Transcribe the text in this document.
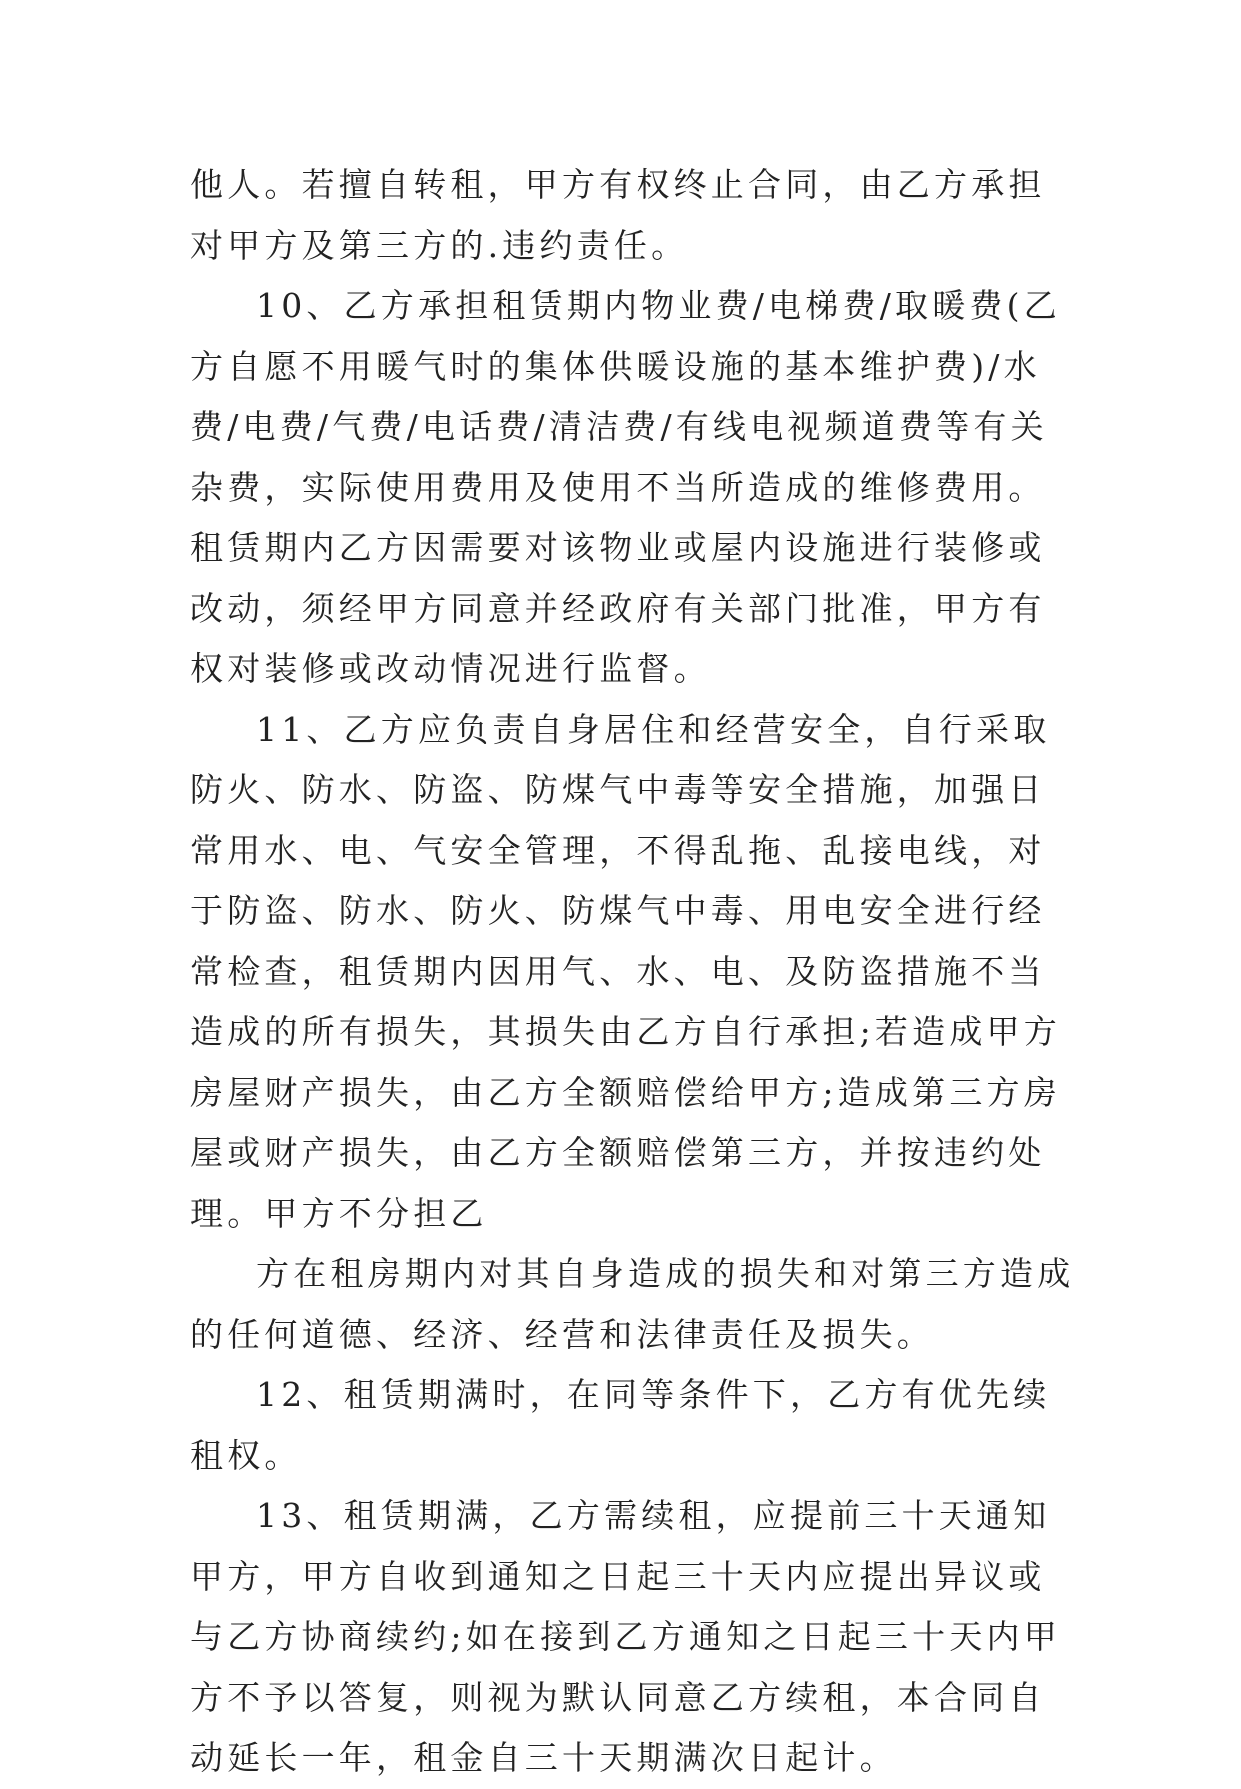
他人。若擅自转租，甲方有权终止合同，由乙方承担对甲方及第三方的.违约责任。

10、乙方承担租赁期内物业费/电梯费/取暖费(乙方自愿不用暖气时的集体供暖设施的基本维护费)/水费/电费/气费/电话费/清洁费/有线电视频道费等有关杂费，实际使用费用及使用不当所造成的维修费用。租赁期内乙方因需要对该物业或屋内设施进行装修或改动，须经甲方同意并经政府有关部门批准，甲方有权对装修或改动情况进行监督。

11、乙方应负责自身居住和经营安全，自行采取防火、防水、防盗、防煤气中毒等安全措施，加强日常用水、电、气安全管理，不得乱拖、乱接电线，对于防盗、防水、防火、防煤气中毒、用电安全进行经常检查，租赁期内因用气、水、电、及防盗措施不当造成的所有损失，其损失由乙方自行承担;若造成甲方房屋财产损失，由乙方全额赔偿给甲方;造成第三方房屋或财产损失，由乙方全额赔偿第三方，并按违约处理。甲方不分担乙

方在租房期内对其自身造成的损失和对第三方造成的任何道德、经济、经营和法律责任及损失。

12、租赁期满时，在同等条件下，乙方有优先续租权。

13、租赁期满，乙方需续租，应提前三十天通知甲方，甲方自收到通知之日起三十天内应提出异议或与乙方协商续约;如在接到乙方通知之日起三十天内甲方不予以答复，则视为默认同意乙方续租，本合同自动延长一年，租金自三十天期满次日起计。
